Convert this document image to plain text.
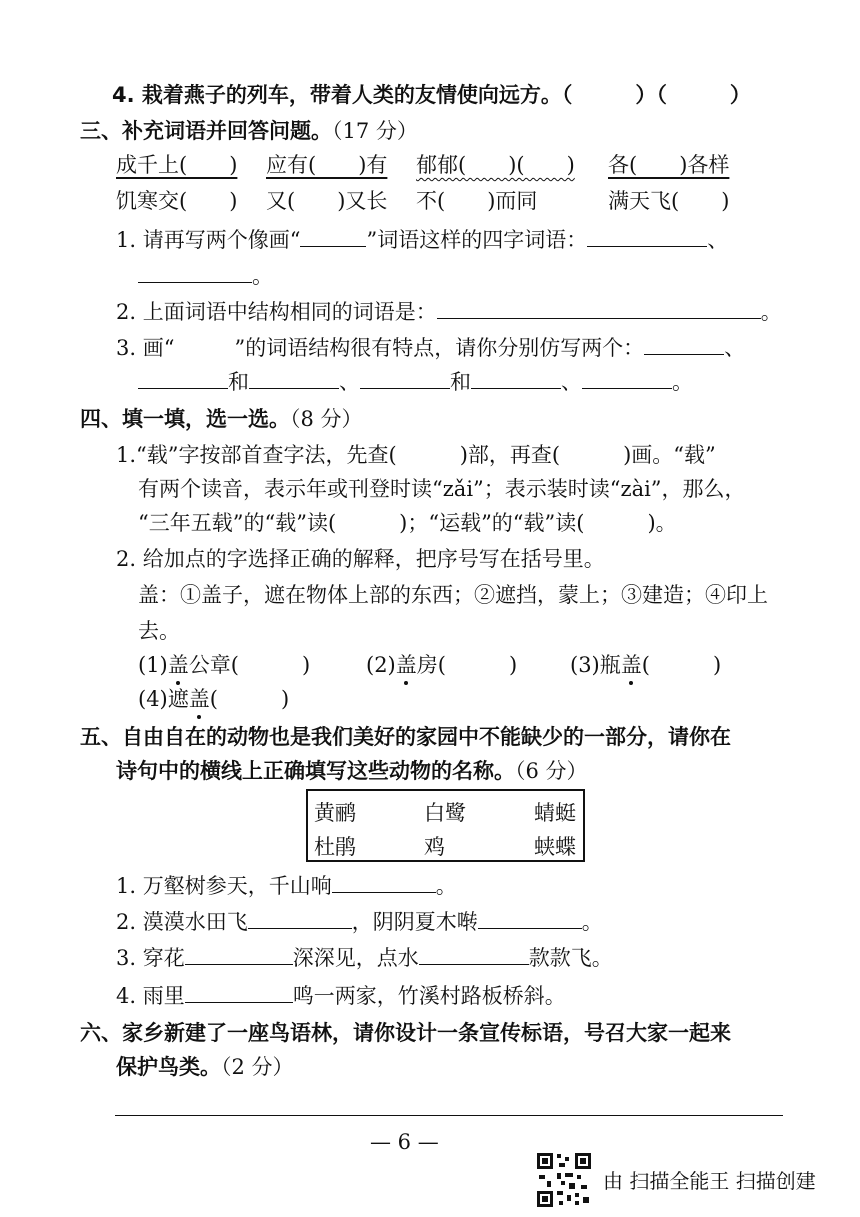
4. 栽着燕子的列车，带着人类的友情使向远方。（　　　）（　　　）
三、补充词语并回答问题。（17 分）
成千上(　　) 应有(　　)有 郁郁(　　)(　　) 各(　　)各样
饥寒交(　　) 又(　　)又长 不(　　)而同	满天飞(　　)
1. 请再写两个像画“	”词语这样的四字词语：	、
。
2. 上面词语中结构相同的词语是：	。
3. 画“	”的词语结构很有特点，请你分别仿写两个：	、
和	、	和	、	。
四、填一填，选一选。（8 分）
1.“载”字按部首查字法，先查(　　　)部，再查(　　　)画。“载”
有两个读音，表示年或刊登时读“zǎi”；表示装时读“zài”，那么，
“三年五载”的“载”读(　　　)；“运载”的“载”读(　　　)。
2. 给加点的字选择正确的解释，把序号写在括号里。
盖：①盖子，遮在物体上部的东西；②遮挡，蒙上；③建造；④印上
去。
(1)盖公章(　　　)	(2)盖房(　　　)	(3)瓶盖(　　　)
(4)遮盖(　　　)
五、自由自在的动物也是我们美好的家园中不能缺少的一部分，请你在
诗句中的横线上正确填写这些动物的名称。（6 分）
黄鹂	白鹭	蜻蜓
杜鹃	鸡	蛱蝶
1. 万壑树参天，千山响	。
2. 漠漠水田飞	，阴阴夏木啭	。
3. 穿花	深深见，点水	款款飞。
4. 雨里	鸣一两家，竹溪村路板桥斜。
六、家乡新建了一座鸟语林，请你设计一条宣传标语，号召大家一起来
保护鸟类。（2 分）
— 6 —
由 扫描全能王 扫描创建
